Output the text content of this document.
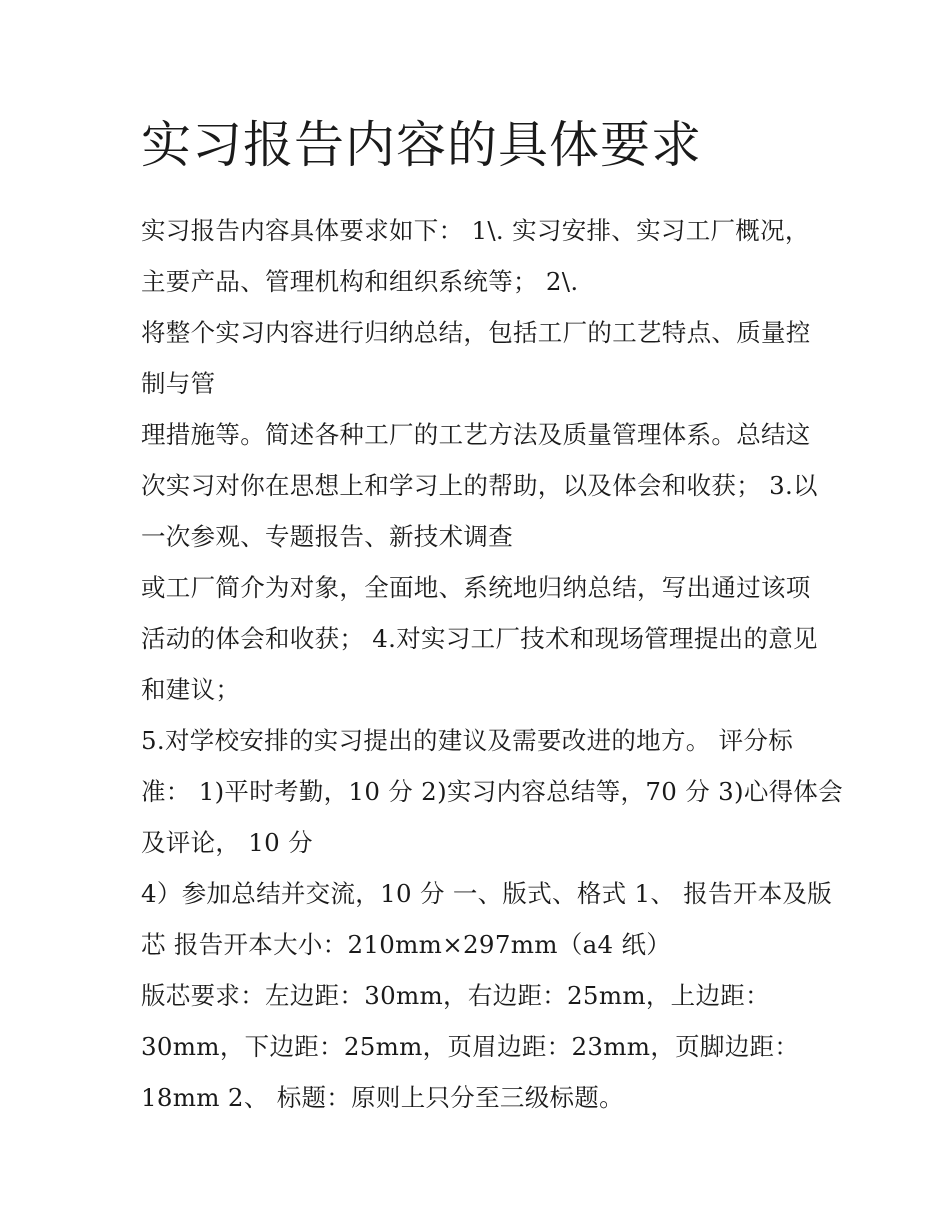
实习报告内容的具体要求
实习报告内容具体要求如下： 1\. 实习安排、实习工厂概况，
主要产品、管理机构和组织系统等； 2\.
将整个实习内容进行归纳总结，包括工厂的工艺特点、质量控
制与管
理措施等。简述各种工厂的工艺方法及质量管理体系。总结这
次实习对你在思想上和学习上的帮助，以及体会和收获； 3.以
一次参观、专题报告、新技术调查
或工厂简介为对象，全面地、系统地归纳总结，写出通过该项
活动的体会和收获； 4.对实习工厂技术和现场管理提出的意见
和建议；
5.对学校安排的实习提出的建议及需要改进的地方。 评分标
准： 1)平时考勤，10 分 2)实习内容总结等，70 分 3)心得体会
及评论， 10 分
4）参加总结并交流，10 分 一、版式、格式 1、 报告开本及版
芯 报告开本大小：210mm×297mm（a4 纸）
版芯要求：左边距：30mm，右边距：25mm，上边距：
30mm，下边距：25mm，页眉边距：23mm，页脚边距：
18mm 2、 标题：原则上只分至三级标题。
